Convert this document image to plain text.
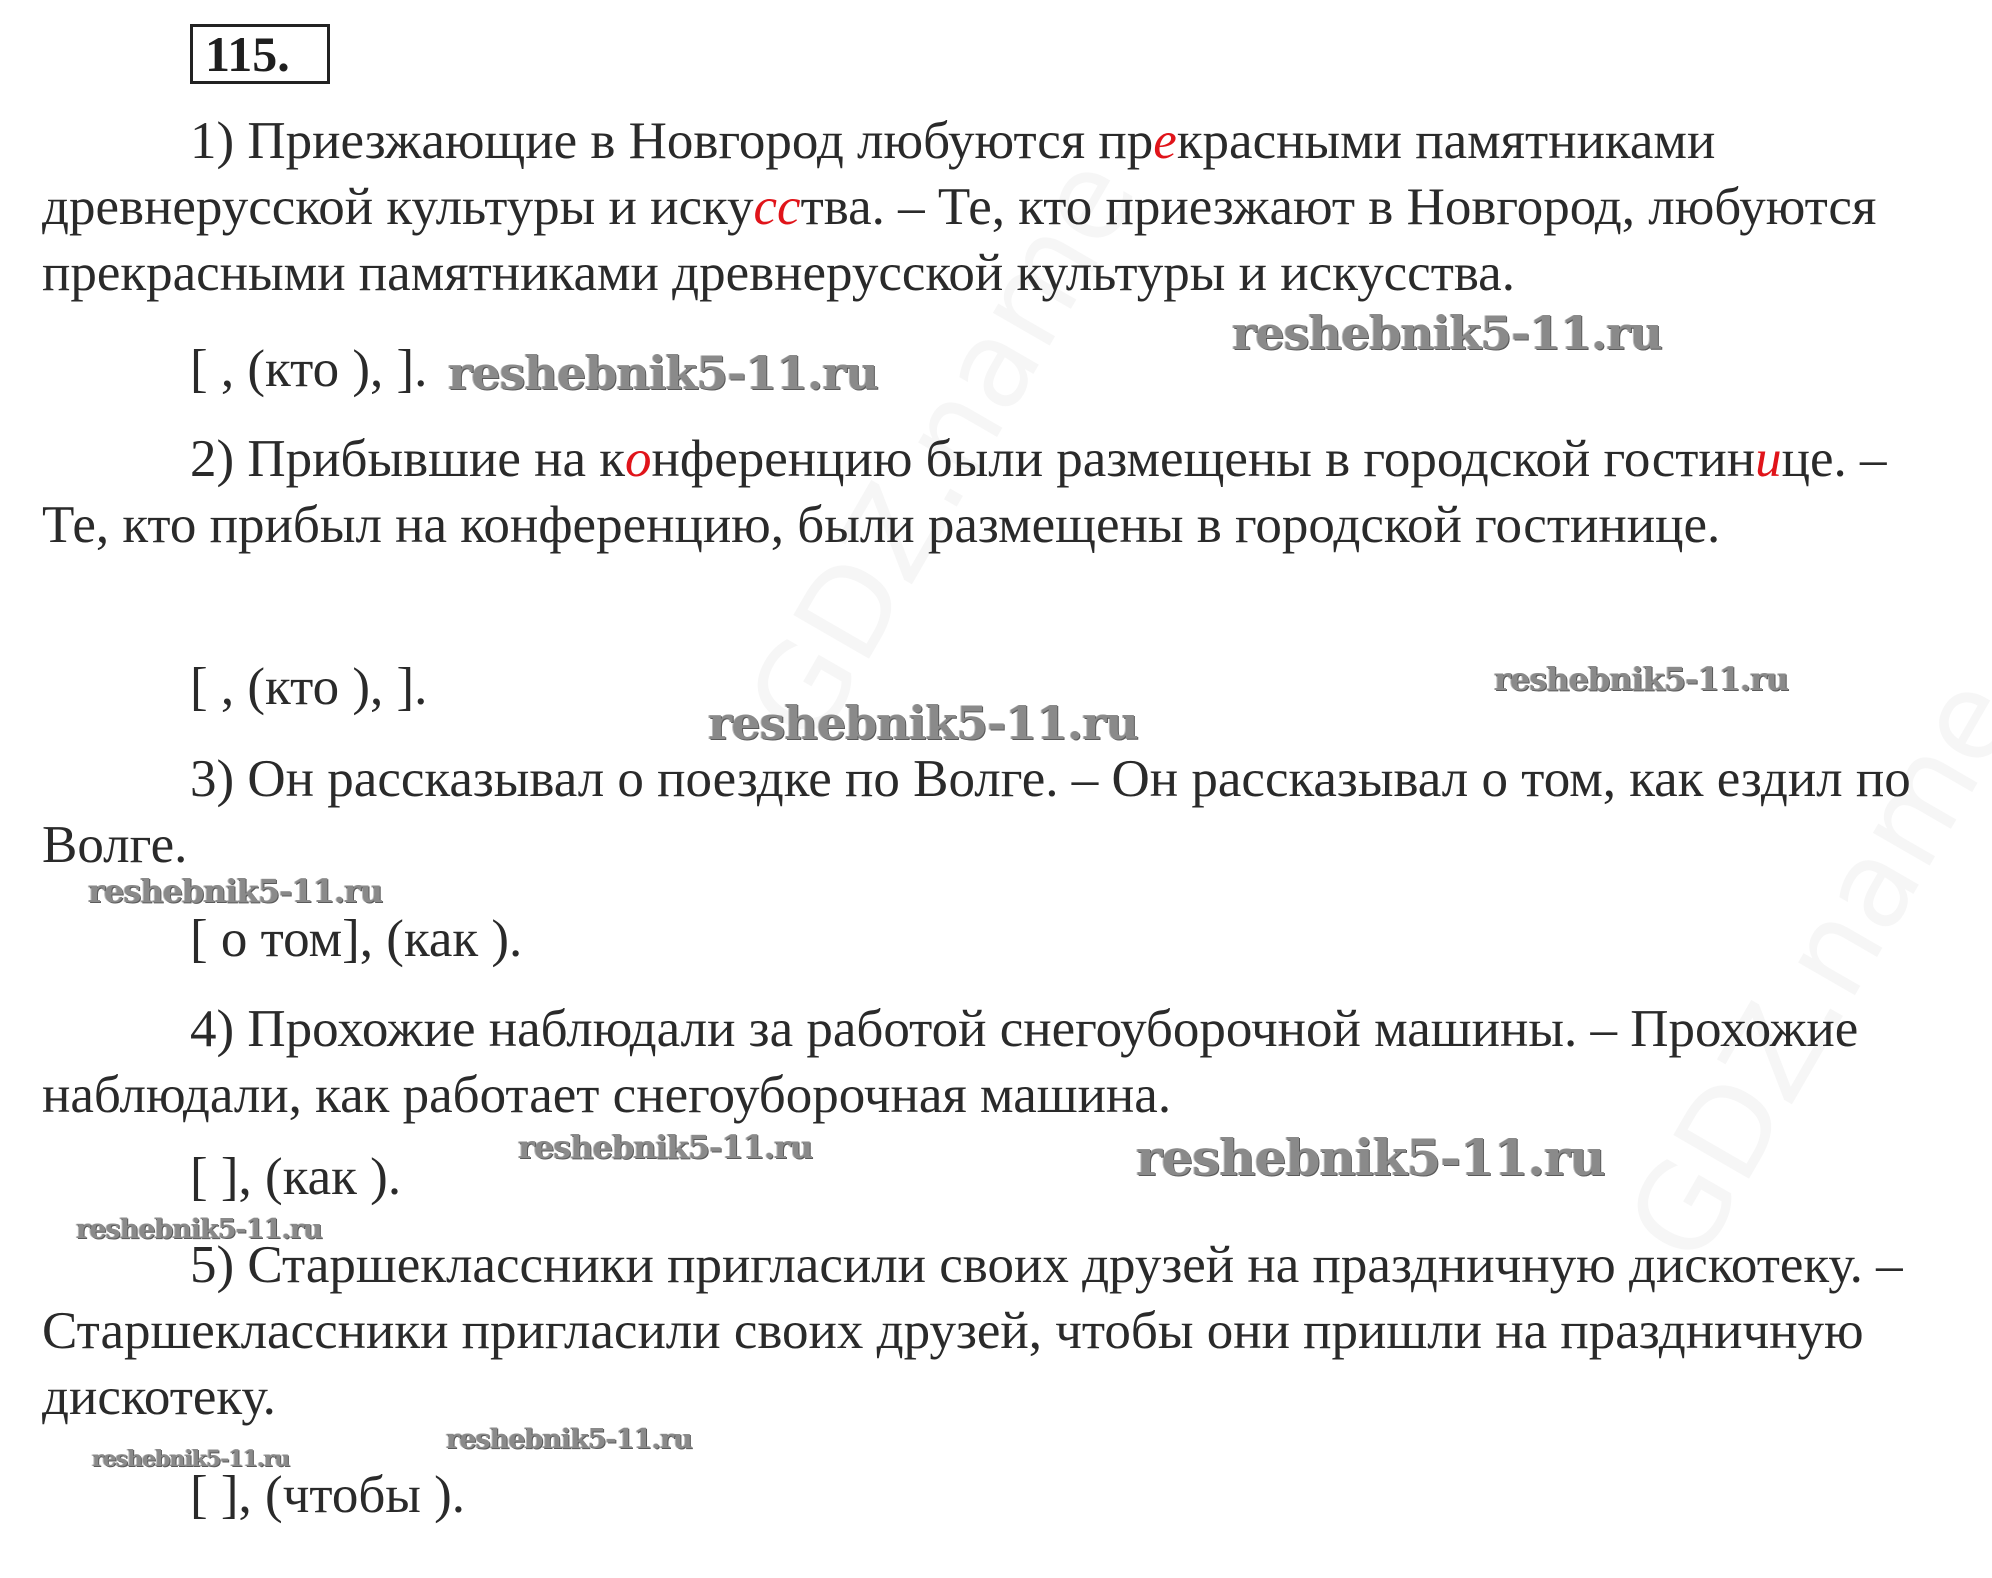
115.
1) Приезжающие в Новгород любуются прекрасными памятниками древнерусской культуры и искусства. – Те, кто приезжают в Новгород, любуются прекрасными памятниками древнерусской культуры и искусства.
[ , (кто ), ].
2) Прибывшие на конференцию были размещены в городской гостинице. – Те, кто прибыл на конференцию, были размещены в городской гостинице.
[ , (кто ), ].
3) Он рассказывал о поездке по Волге. – Он рассказывал о том, как ездил по Волге.
[ о том], (как ).
4) Прохожие наблюдали за работой снегоуборочной машины. – Прохожие наблюдали, как работает снегоуборочная машина.
[ ], (как ).
5) Старшеклассники пригласили своих друзей на праздничную дискотеку. – Старшеклассники пригласили своих друзей, чтобы они пришли на праздничную дискотеку.
[ ], (чтобы ).
reshebnik5-11.ru
reshebnik5-11.ru
reshebnik5-11.ru
reshebnik5-11.ru
reshebnik5-11.ru
reshebnik5-11.ru	reshebnik5-11.ru
reshebnik5-11.ru
reshebnik5-11.ru
reshebnik5-11.ru
